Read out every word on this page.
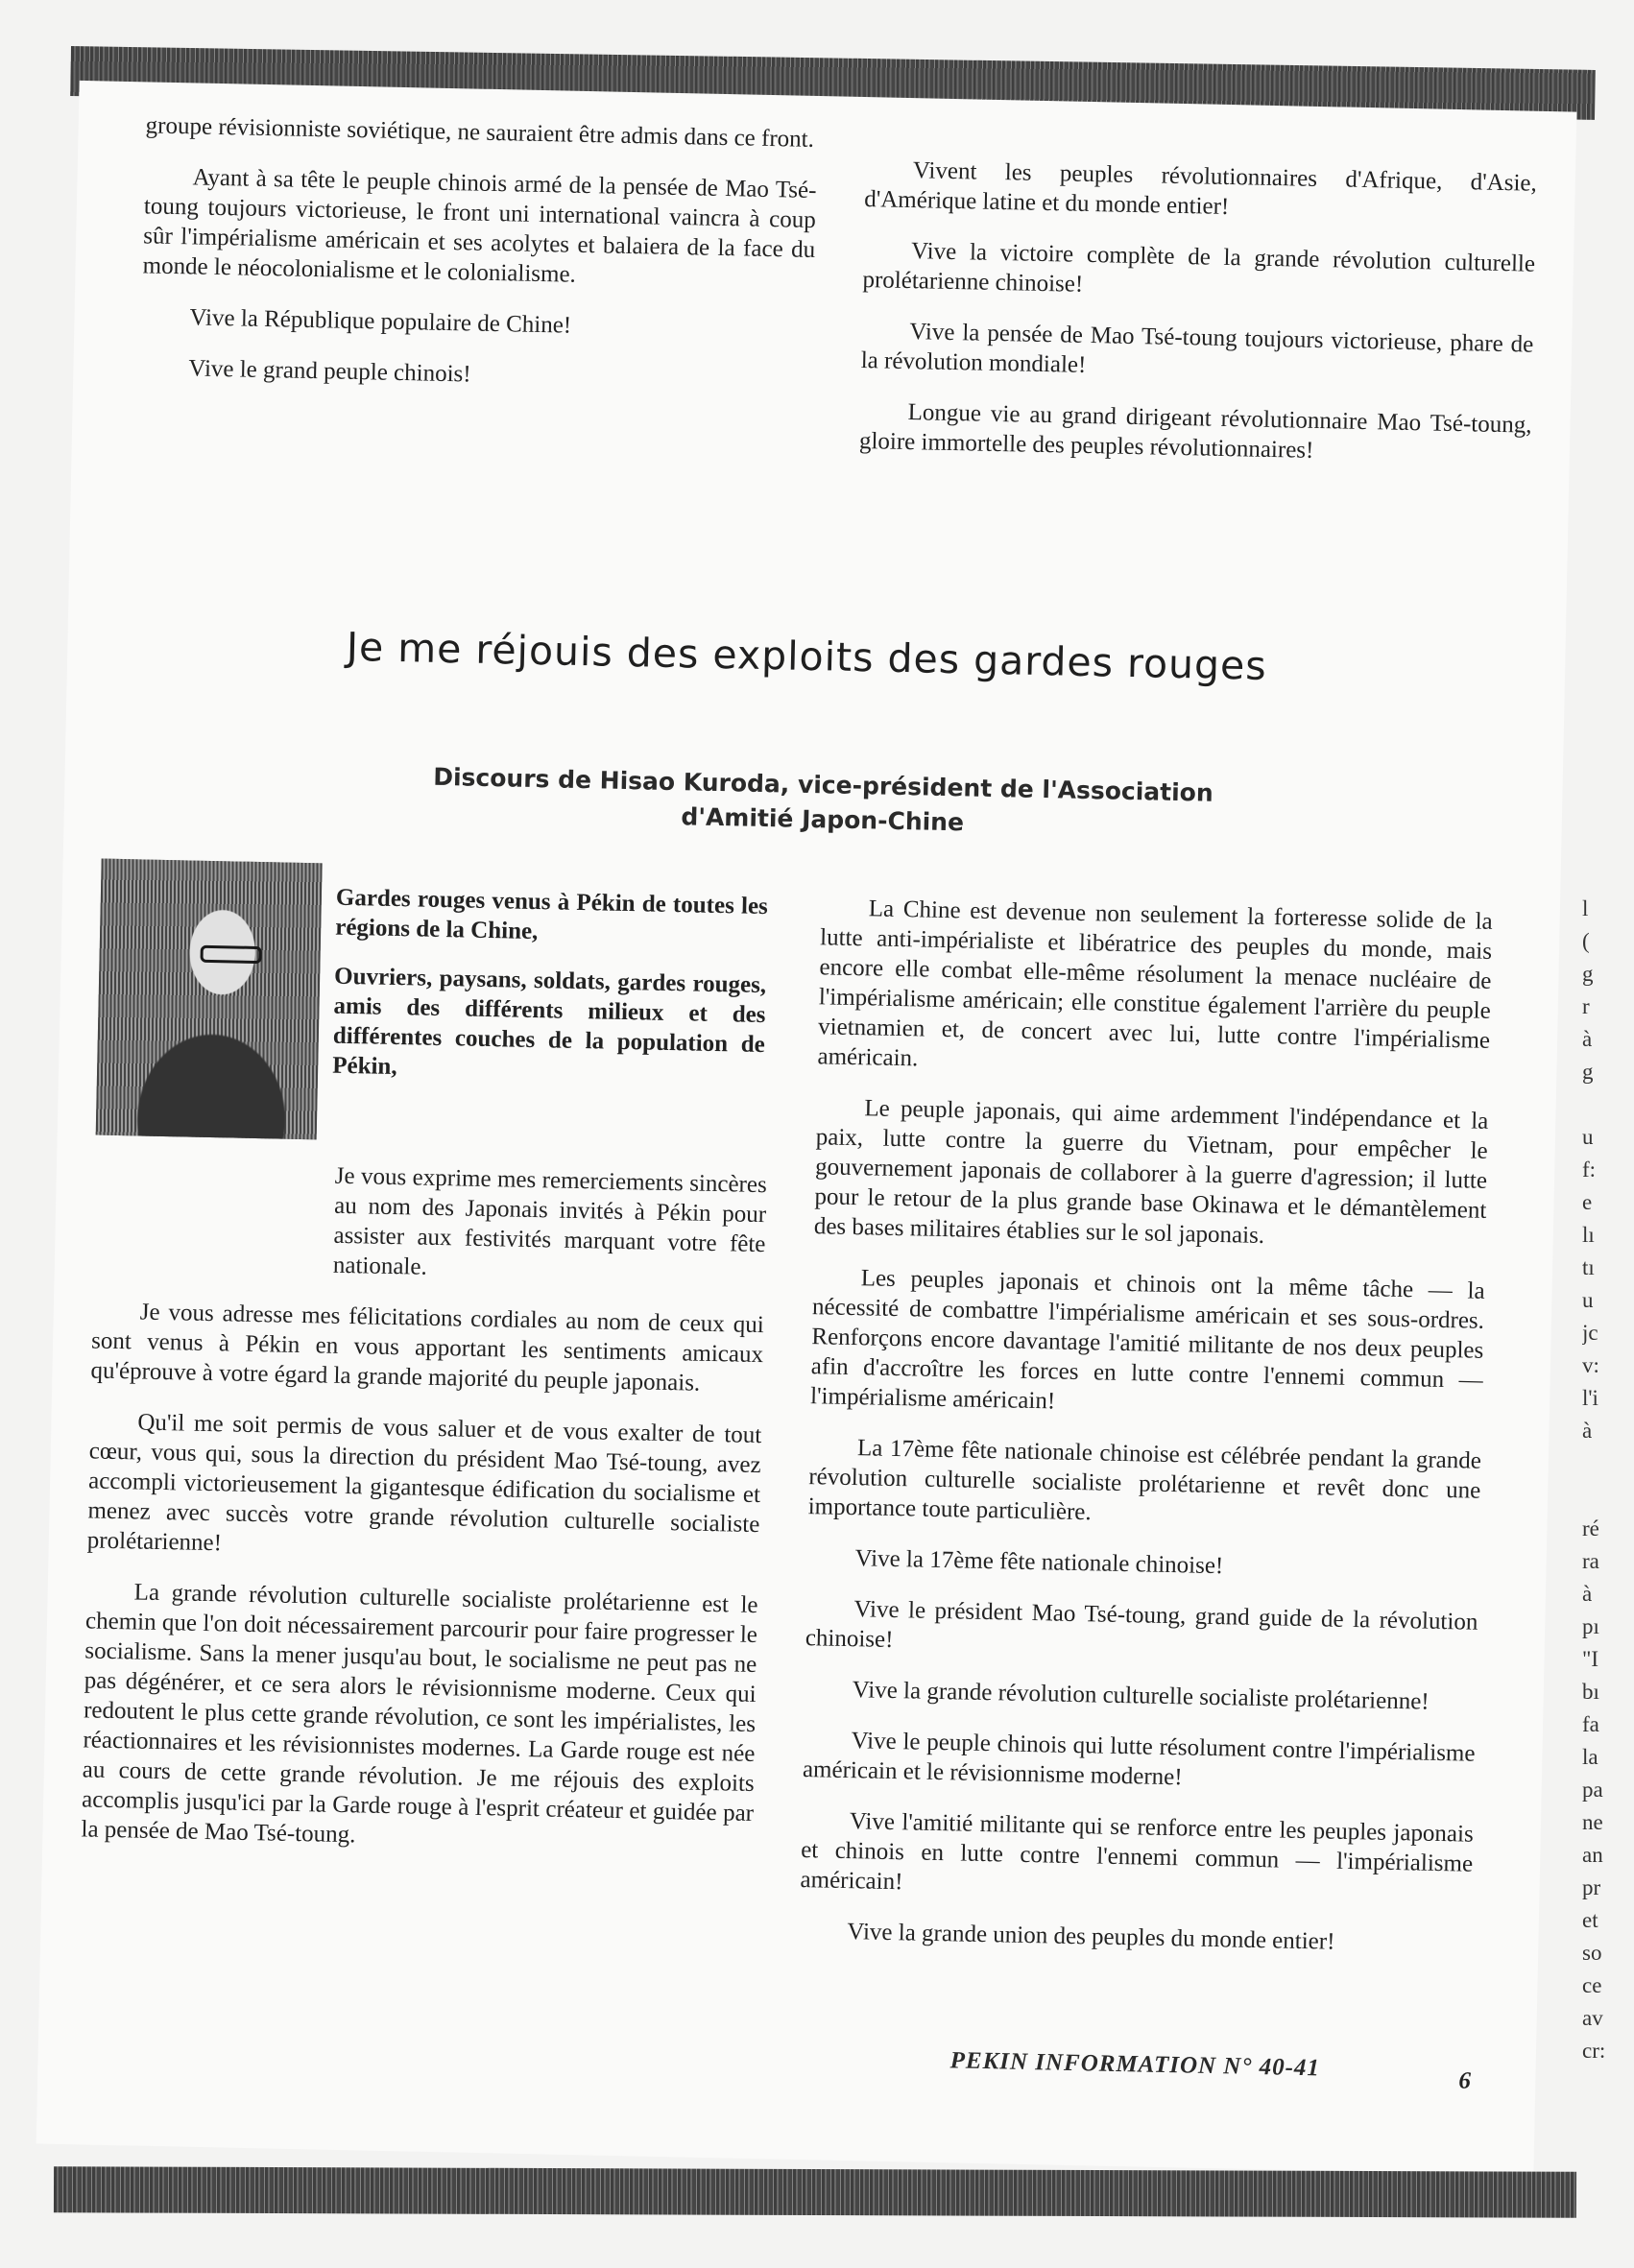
groupe révisionniste soviétique, ne sauraient être admis dans ce front.

Ayant à sa tête le peuple chinois armé de la pensée de Mao Tsé-toung toujours victorieuse, le front uni international vaincra à coup sûr l'impérialisme américain et ses acolytes et balaiera de la face du monde le néocolonialisme et le colonialisme.

Vive la République populaire de Chine!

Vive le grand peuple chinois!

Vivent les peuples révolutionnaires d'Afrique, d'Asie, d'Amérique latine et du monde entier!

Vive la victoire complète de la grande révolution culturelle prolétarienne chinoise!

Vive la pensée de Mao Tsé-toung toujours victorieuse, phare de la révolution mondiale!

Longue vie au grand dirigeant révolutionnaire Mao Tsé-toung, gloire immortelle des peuples révolutionnaires!

Je me réjouis des exploits des gardes rouges
Discours de Hisao Kuroda, vice-président de l'Association
d'Amitié Japon-Chine

Gardes rouges venus à Pékin de toutes les régions de la Chine,

Ouvriers, paysans, soldats, gardes rouges, amis des différents milieux et des différentes couches de la population de Pékin,

Je vous exprime mes remerciements sincères au nom des Japonais invités à Pékin pour assister aux festivités marquant votre fête nationale.

Je vous adresse mes félicitations cordiales au nom de ceux qui sont venus à Pékin en vous apportant les sentiments amicaux qu'éprouve à votre égard la grande majorité du peuple japonais.

Qu'il me soit permis de vous saluer et de vous exalter de tout cœur, vous qui, sous la direction du président Mao Tsé-toung, avez accompli victorieusement la gigantesque édification du socialisme et menez avec succès votre grande révolution culturelle socialiste prolétarienne!

La grande révolution culturelle socialiste prolétarienne est le chemin que l'on doit nécessairement parcourir pour faire progresser le socialisme. Sans la mener jusqu'au bout, le socialisme ne peut pas ne pas dégénérer, et ce sera alors le révisionnisme moderne. Ceux qui redoutent le plus cette grande révolution, ce sont les impérialistes, les réactionnaires et les révisionnistes modernes. La Garde rouge est née au cours de cette grande révolution. Je me réjouis des exploits accomplis jusqu'ici par la Garde rouge à l'esprit créateur et guidée par la pensée de Mao Tsé-toung.

La Chine est devenue non seulement la forteresse solide de la lutte anti-impérialiste et libératrice des peuples du monde, mais encore elle combat elle-même résolument la menace nucléaire de l'impérialisme américain; elle constitue également l'arrière du peuple vietnamien et, de concert avec lui, lutte contre l'impérialisme américain.

Le peuple japonais, qui aime ardemment l'indépendance et la paix, lutte contre la guerre du Vietnam, pour empêcher le gouvernement japonais de collaborer à la guerre d'agression; il lutte pour le retour de la plus grande base Okinawa et le démantèlement des bases militaires établies sur le sol japonais.

Les peuples japonais et chinois ont la même tâche — la nécessité de combattre l'impérialisme américain et ses sous-ordres. Renforçons encore davantage l'amitié militante de nos deux peuples afin d'accroître les forces en lutte contre l'ennemi commun — l'impérialisme américain!

La 17ème fête nationale chinoise est célébrée pendant la grande révolution culturelle socialiste prolétarienne et revêt donc une importance toute particulière.

Vive la 17ème fête nationale chinoise!

Vive le président Mao Tsé-toung, grand guide de la révolution chinoise!

Vive la grande révolution culturelle socialiste prolétarienne!

Vive le peuple chinois qui lutte résolument contre l'impérialisme américain et le révisionnisme moderne!

Vive l'amitié militante qui se renforce entre les peuples japonais et chinois en lutte contre l'ennemi commun — l'impérialisme américain!

Vive la grande union des peuples du monde entier!

PEKIN INFORMATION N° 40-41	6
l
(
g
r
à
g
u
f:
e
lı
tı
u
jc
v:
l'i
à
ré
ra
à
pı
"I
bı
fa
la
pa
ne
an
pr
et
so
ce
av
cr:
